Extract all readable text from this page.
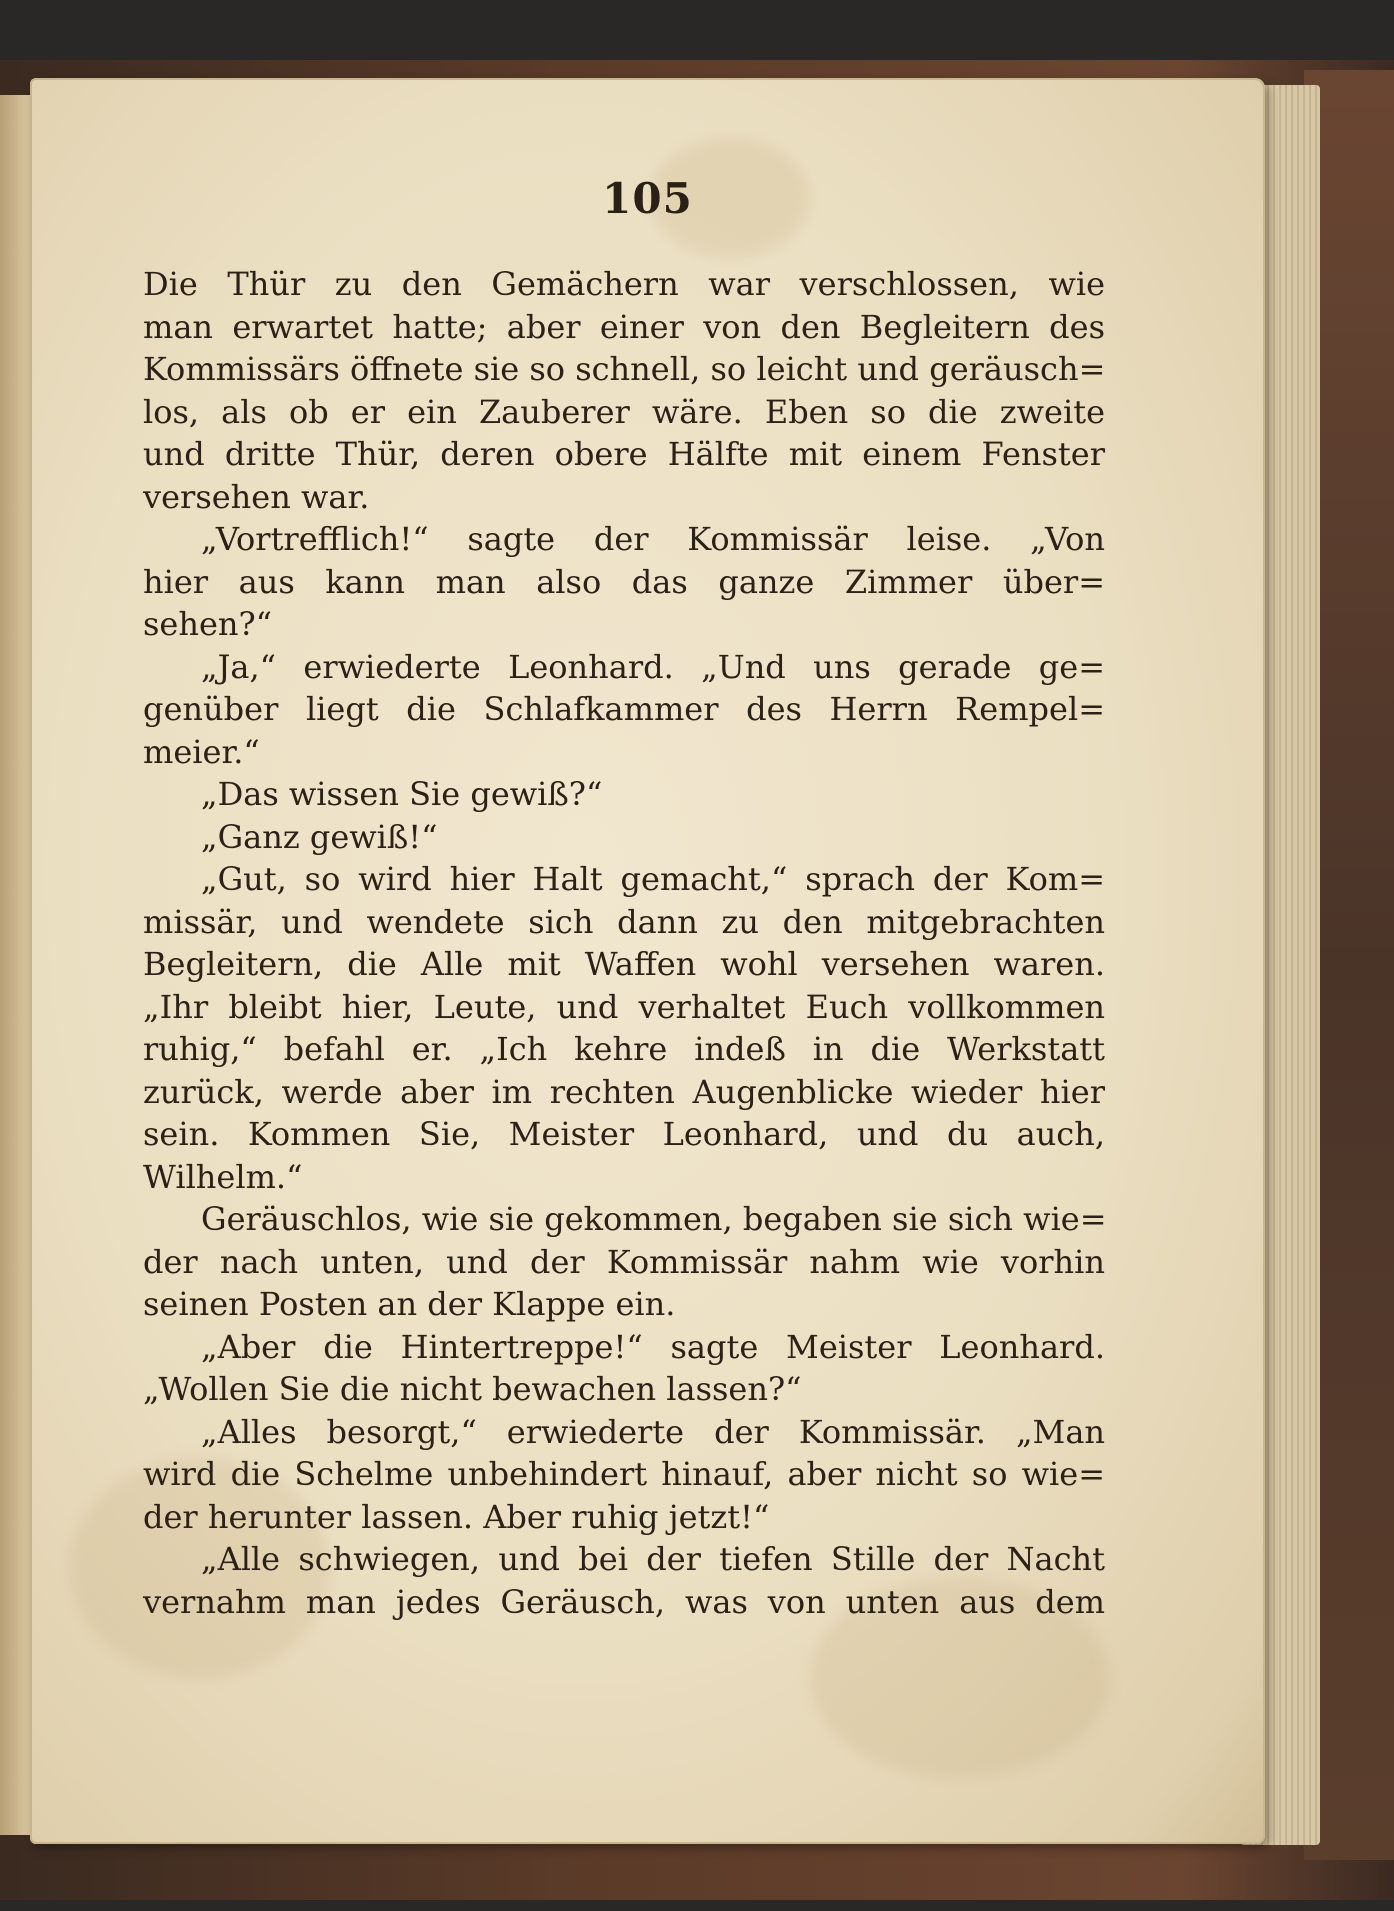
105
Die Thür zu den Gemächern war verschlossen, wie
man erwartet hatte; aber einer von den Begleitern des
Kommissärs öffnete sie so schnell, so leicht und geräusch=
los, als ob er ein Zauberer wäre. Eben so die zweite
und dritte Thür, deren obere Hälfte mit einem Fenster
versehen war.
„Vortrefflich!“ sagte der Kommissär leise. „Von
hier aus kann man also das ganze Zimmer über=
sehen?“
„Ja,“ erwiederte Leonhard. „Und uns gerade ge=
genüber liegt die Schlafkammer des Herrn Rempel=
meier.“
„Das wissen Sie gewiß?“
„Ganz gewiß!“
„Gut, so wird hier Halt gemacht,“ sprach der Kom=
missär, und wendete sich dann zu den mitgebrachten
Begleitern, die Alle mit Waffen wohl versehen waren.
„Ihr bleibt hier, Leute, und verhaltet Euch vollkommen
ruhig,“ befahl er. „Ich kehre indeß in die Werkstatt
zurück, werde aber im rechten Augenblicke wieder hier
sein. Kommen Sie, Meister Leonhard, und du auch,
Wilhelm.“
Geräuschlos, wie sie gekommen, begaben sie sich wie=
der nach unten, und der Kommissär nahm wie vorhin
seinen Posten an der Klappe ein.
„Aber die Hintertreppe!“ sagte Meister Leonhard.
„Wollen Sie die nicht bewachen lassen?“
„Alles besorgt,“ erwiederte der Kommissär. „Man
wird die Schelme unbehindert hinauf, aber nicht so wie=
der herunter lassen. Aber ruhig jetzt!“
„Alle schwiegen, und bei der tiefen Stille der Nacht
vernahm man jedes Geräusch, was von unten aus dem
